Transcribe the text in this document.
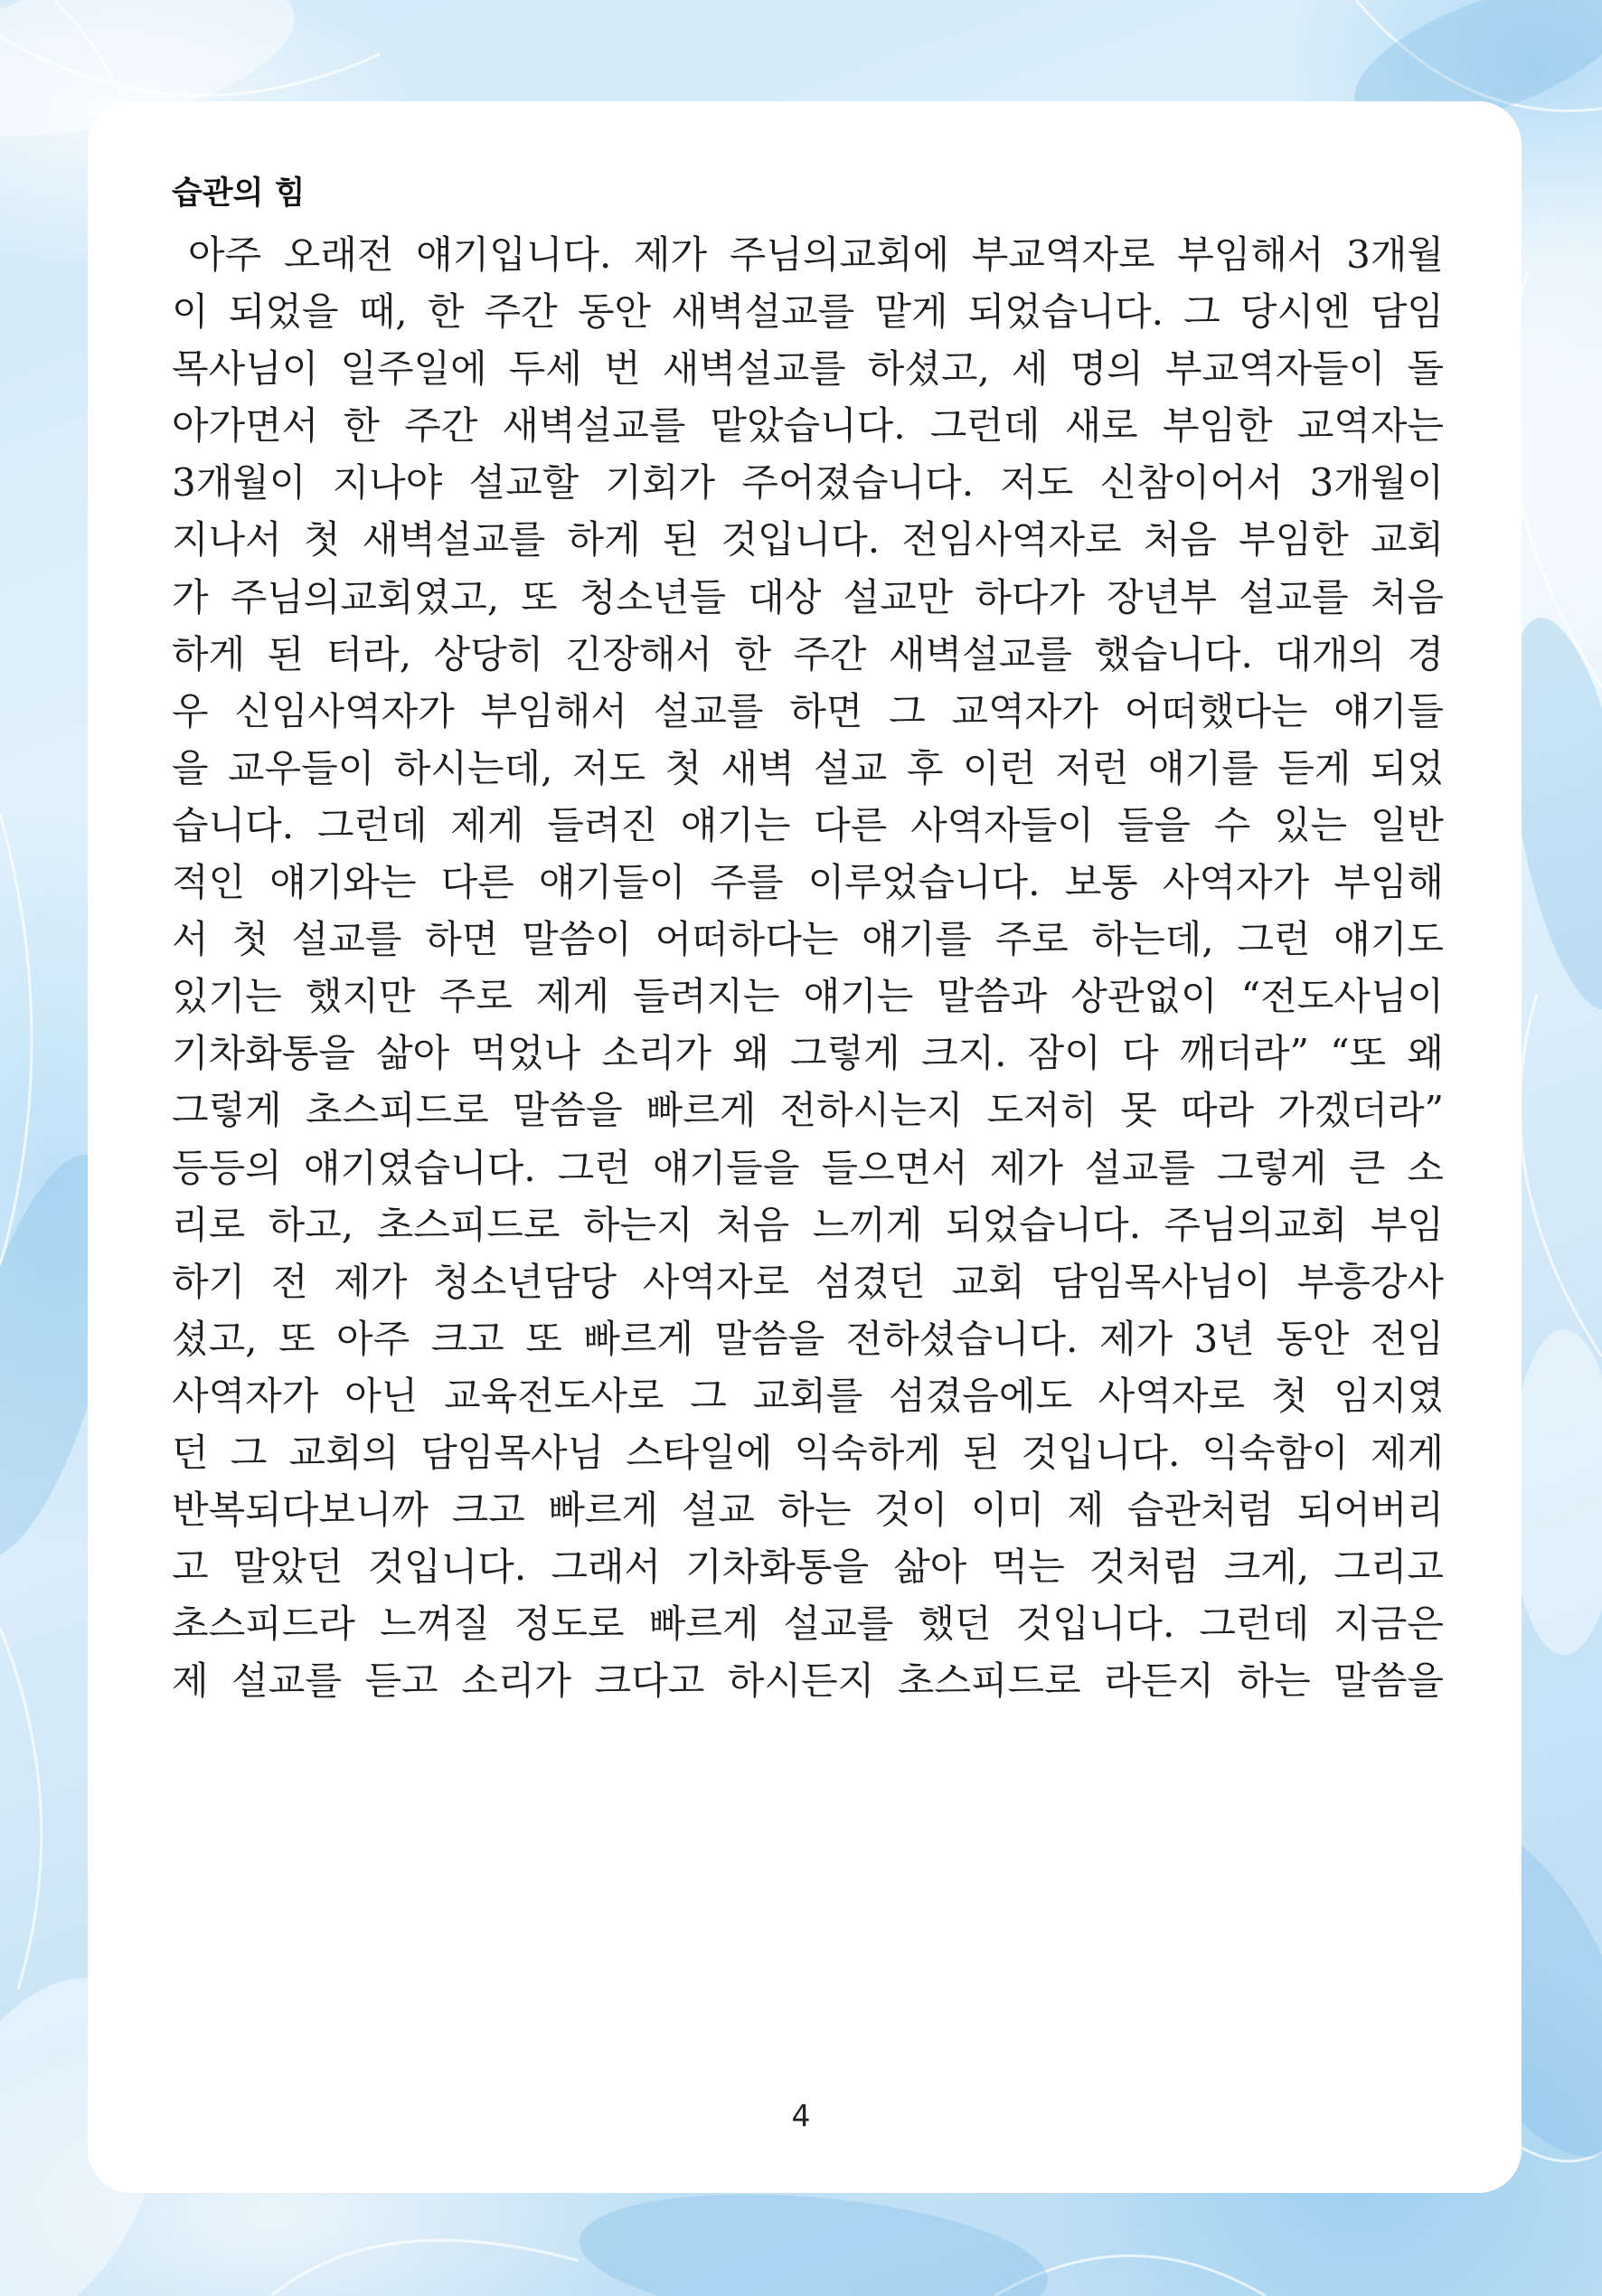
습관의 힘
아주 오래전 얘기입니다. 제가 주님의교회에 부교역자로 부임해서 3개월
이 되었을 때, 한 주간 동안 새벽설교를 맡게 되었습니다. 그 당시엔 담임
목사님이 일주일에 두세 번 새벽설교를 하셨고, 세 명의 부교역자들이 돌
아가면서 한 주간 새벽설교를 맡았습니다. 그런데 새로 부임한 교역자는
3개월이 지나야 설교할 기회가 주어졌습니다. 저도 신참이어서 3개월이
지나서 첫 새벽설교를 하게 된 것입니다. 전임사역자로 처음 부임한 교회
가 주님의교회였고, 또 청소년들 대상 설교만 하다가 장년부 설교를 처음
하게 된 터라, 상당히 긴장해서 한 주간 새벽설교를 했습니다. 대개의 경
우 신임사역자가 부임해서 설교를 하면 그 교역자가 어떠했다는 얘기들
을 교우들이 하시는데, 저도 첫 새벽 설교 후 이런 저런 얘기를 듣게 되었
습니다. 그런데 제게 들려진 얘기는 다른 사역자들이 들을 수 있는 일반
적인 얘기와는 다른 얘기들이 주를 이루었습니다. 보통 사역자가 부임해
서 첫 설교를 하면 말씀이 어떠하다는 얘기를 주로 하는데, 그런 얘기도
있기는 했지만 주로 제게 들려지는 얘기는 말씀과 상관없이 “전도사님이
기차화통을 삶아 먹었나 소리가 왜 그렇게 크지. 잠이 다 깨더라” “또 왜
그렇게 초스피드로 말씀을 빠르게 전하시는지 도저히 못 따라 가겠더라”
등등의 얘기였습니다. 그런 얘기들을 들으면서 제가 설교를 그렇게 큰 소
리로 하고, 초스피드로 하는지 처음 느끼게 되었습니다. 주님의교회 부임
하기 전 제가 청소년담당 사역자로 섬겼던 교회 담임목사님이 부흥강사
셨고, 또 아주 크고 또 빠르게 말씀을 전하셨습니다. 제가 3년 동안 전임
사역자가 아닌 교육전도사로 그 교회를 섬겼음에도 사역자로 첫 임지였
던 그 교회의 담임목사님 스타일에 익숙하게 된 것입니다. 익숙함이 제게
반복되다보니까 크고 빠르게 설교 하는 것이 이미 제 습관처럼 되어버리
고 말았던 것입니다. 그래서 기차화통을 삶아 먹는 것처럼 크게, 그리고
초스피드라 느껴질 정도로 빠르게 설교를 했던 것입니다. 그런데 지금은
제 설교를 듣고 소리가 크다고 하시든지 초스피드로 라든지 하는 말씀을
4
